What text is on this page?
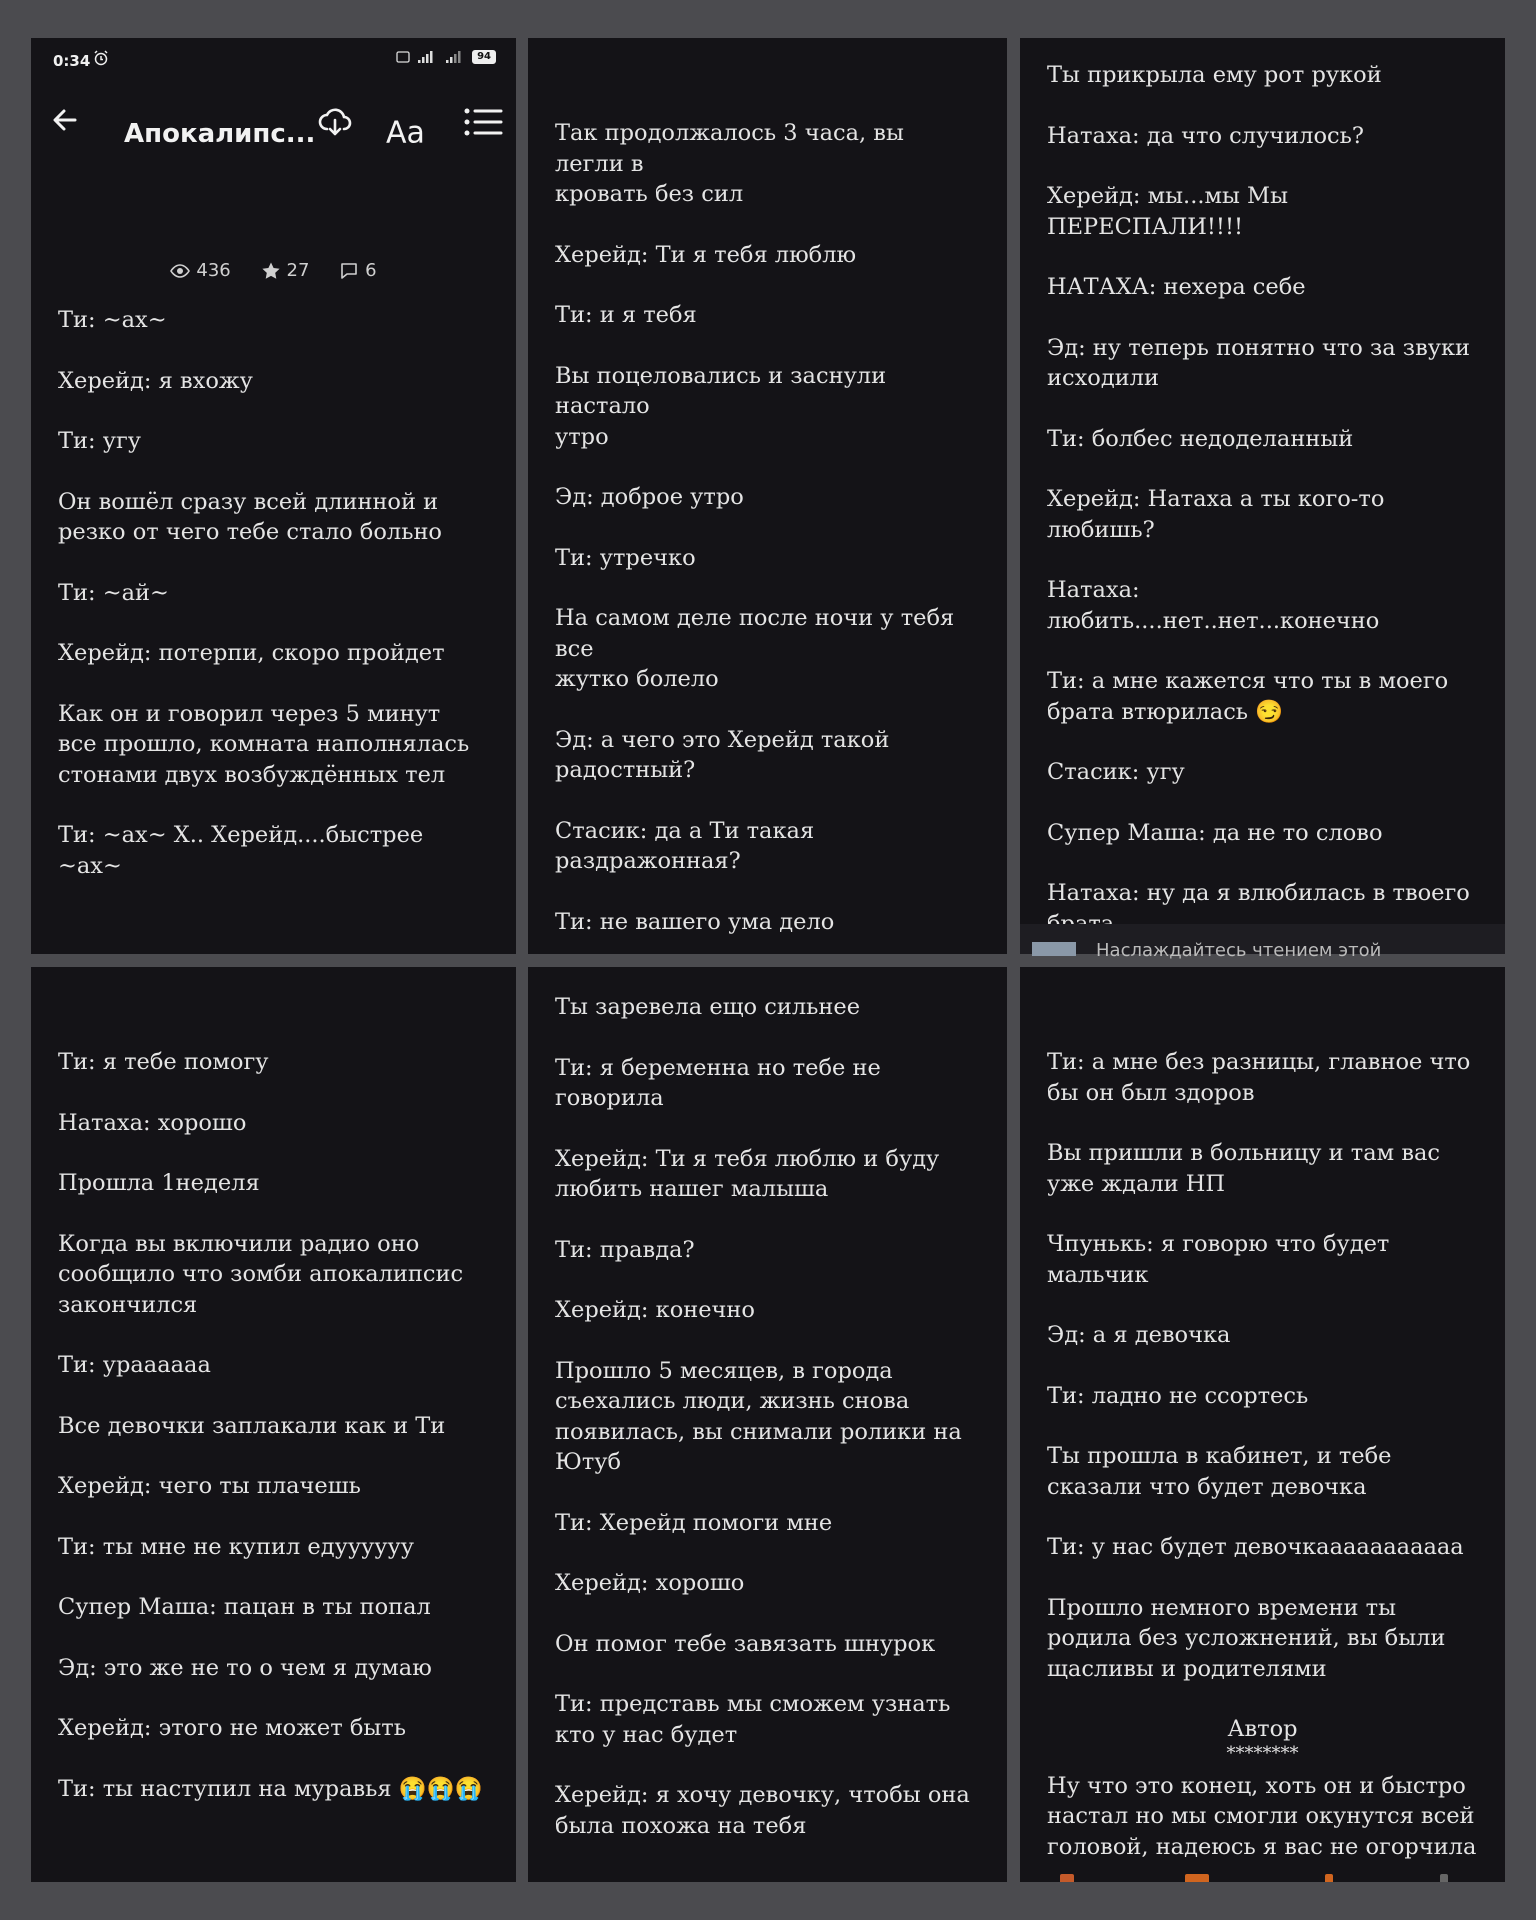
0:34	94
Апокалипс... Aa
436
	27
	6

Ти: ~ах~

Херейд: я вхожу

Ти: угу

Он вошёл сразу всей длинной и
резко от чего тебе стало больно

Ти: ~ай~

Херейд: потерпи, скоро пройдет

Как он и говорил через 5 минут
все прошло, комната наполнялась
стонами двух возбуждённых тел

Ти: ~ах~ Х.. Херейд....быстрее ~ах~

Так продолжалось 3 часа, вы легли в
кровать без сил

Херейд: Ти я тебя люблю

Ти: и я тебя

Вы поцеловались и заснули настало
утро

Эд: доброе утро

Ти: утречко

На самом деле после ночи у тебя все
жутко болело

Эд: а чего это Херейд такой
радостный?

Стасик: да а Ти такая
раздражонная?

Ти: не вашего ума дело

Ты прикрыла ему рот рукой

Натаха: да что случилось?

Херейд: мы...мы Мы ПЕРЕСПАЛИ!!!!

НАТАХА: нехера себе

Эд: ну теперь понятно что за звуки
исходили

Ти: болбес недоделанный

Херейд: Натаха а ты кого-то
любишь?

Натаха: любить....нет..нет...конечно

Ти: а мне кажется что ты в моего
брата втюрилась 😏

Стасик: угу

Супер Маша: да не то слово

Натаха: ну да я влюбилась в твоего

Наслаждайтесь чтением этой

Ти: я тебе помогу

Натаха: хорошо

Прошла 1неделя

Когда вы включили радио оно
сообщило что зомби апокалипсис
закончился

Ти: ураааааа

Все девочки заплакали как и Ти

Херейд: чего ты плачешь

Ти: ты мне не купил едуууууу

Супер Маша: пацан в ты попал

Эд: это же не то о чем я думаю

Херейд: этого не может быть

Ти: ты наступил на муравья 😭😭😭

Ты заревела ещо сильнее

Ти: я беременна но тебе не говорила

Херейд: Ти я тебя люблю и буду
любить нашег малыша

Ти: правда?

Херейд: конечно

Прошло 5 месяцев, в города
съехались люди, жизнь снова
появилась, вы снимали ролики на
Ютуб

Ти: Херейд помоги мне

Херейд: хорошо

Он помог тебе завязать шнурок

Ти: представь мы сможем узнать
кто у нас будет

Херейд: я хочу девочку, чтобы она
была похожа на тебя

Ти: а мне без разницы, главное что
бы он был здоров

Вы пришли в больницу и там вас
уже ждали НП

Чпунькь: я говорю что будет мальчик

Эд: а я девочка

Ти: ладно не ссортесь

Ты прошла в кабинет, и тебе
сказали что будет девочка

Ти: у нас будет девочкааааааааааа

Прошло немного времени ты
родила без усложнений, вы были
щасливы и родителями

Автор

********

Ну что это конец, хоть он и быстро
настал но мы смогли окунутся всей
головой, надеюсь я вас не огорчила
